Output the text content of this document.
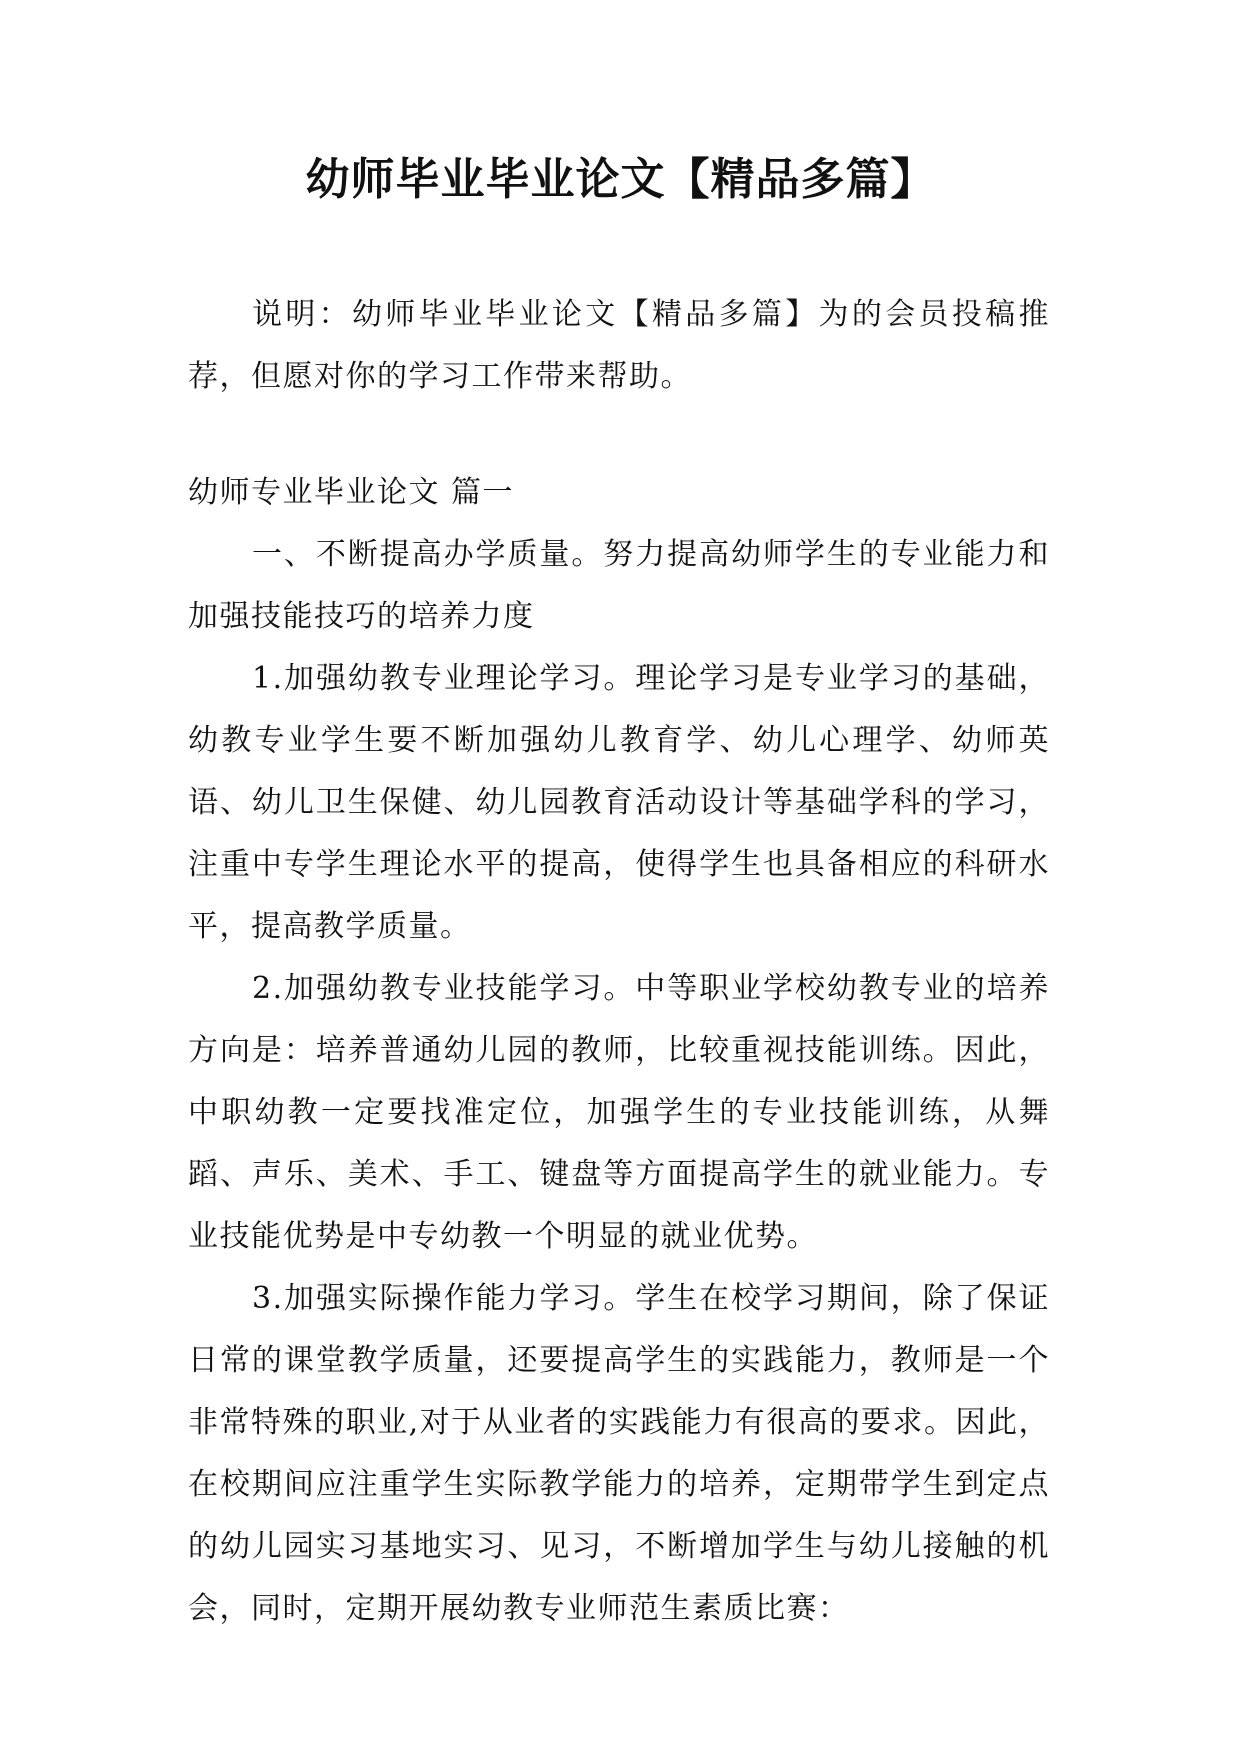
幼师毕业毕业论文【精品多篇】

说明：幼师毕业毕业论文【精品多篇】为的会员投稿推荐，但愿对你的学习工作带来帮助。

幼师专业毕业论文 篇一

一、不断提高办学质量。努力提高幼师学生的专业能力和加强技能技巧的培养力度

1.加强幼教专业理论学习。理论学习是专业学习的基础，幼教专业学生要不断加强幼儿教育学、幼儿心理学、幼师英语、幼儿卫生保健、幼儿园教育活动设计等基础学科的学习，注重中专学生理论水平的提高，使得学生也具备相应的科研水平，提高教学质量。

2.加强幼教专业技能学习。中等职业学校幼教专业的培养方向是：培养普通幼儿园的教师，比较重视技能训练。因此，中职幼教一定要找准定位，加强学生的专业技能训练，从舞蹈、声乐、美术、手工、键盘等方面提高学生的就业能力。专业技能优势是中专幼教一个明显的就业优势。

3.加强实际操作能力学习。学生在校学习期间，除了保证日常的课堂教学质量，还要提高学生的实践能力，教师是一个非常特殊的职业,对于从业者的实践能力有很高的要求。因此，在校期间应注重学生实际教学能力的培养，定期带学生到定点的幼儿园实习基地实习、见习，不断增加学生与幼儿接触的机会，同时，定期开展幼教专业师范生素质比赛：
